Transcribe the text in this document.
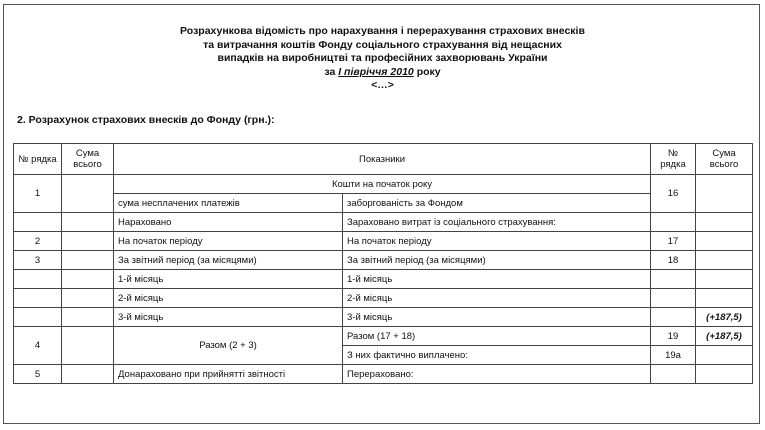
Розрахункова відомість про нарахування і перерахування страхових внесків
та витрачання коштів Фонду соціального страхування від нещасних
випадків на виробництві та професійних захворювань України
за I півріччя 2010 року
<…>
2. Розрахунок страхових внесків до Фонду (грн.):
№ рядка	Сума всього	Показники		№ рядка	Сума всього
1		Кошти на початок року		16	
		сума несплачених платежів	заборгованість за Фондом		
		Нараховано	Зараховано витрат із соціального страхування:		
2		На початок періоду	На початок періоду	17	
3		За звітний період (за місяцями)	За звітний період (за місяцями)	18	
		1-й місяць	1-й місяць		
		2-й місяць	2-й місяць		
		3-й місяць	3-й місяць		(+187,5)
4		Разом (2 + 3)	Разом (17 + 18)	19	(+187,5)
			З них фактично виплачено:	19а	
5		Донараховано при прийнятті звітності	Перераховано:		
